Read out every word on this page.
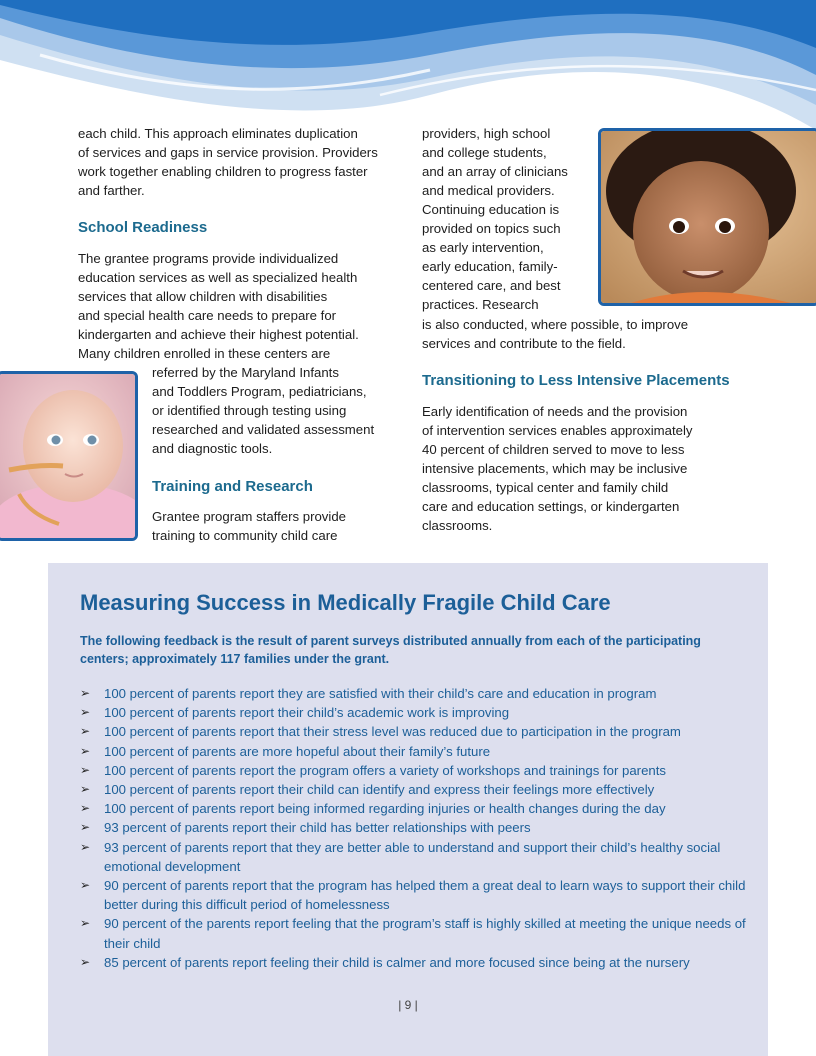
each child. This approach eliminates duplication

of services and gaps in service provision. Providers

work together enabling children to progress faster

and farther.

School Readiness

The grantee programs provide individualized

education services as well as specialized health

services that allow children with disabilities

and special health care needs to prepare for

kindergarten and achieve their highest potential.

Many children enrolled in these centers are

referred by the Maryland Infants

and Toddlers Program, pediatricians,

or identified through testing using

researched and validated assessment

and diagnostic tools.

Training and Research

Grantee program staffers provide

training to community child care

providers, high school

and college students,

and an array of clinicians

and medical providers.

Continuing education is

provided on topics such

as early intervention,

early education, family-

centered care, and best

practices. Research

is also conducted, where possible, to improve

services and contribute to the field.

Transitioning to Less Intensive Placements

Early identification of needs and the provision

of intervention services enables approximately

40 percent of children served to move to less

intensive placements, which may be inclusive

classrooms, typical center and family child

care and education settings, or kindergarten

classrooms.

Measuring Success in Medically Fragile Child Care

The following feedback is the result of parent surveys distributed annually from each of the participating centers; approximately 117 families under the grant.

➢ 100 percent of parents report they are satisfied with their child’s care and education in program
➢ 100 percent of parents report their child’s academic work is improving
➢ 100 percent of parents report that their stress level was reduced due to participation in the program
➢ 100 percent of parents are more hopeful about their family’s future
➢ 100 percent of parents report the program offers a variety of workshops and trainings for parents
➢ 100 percent of parents report their child can identify and express their feelings more effectively
➢ 100 percent of parents report being informed regarding injuries or health changes during the day
➢ 93 percent of parents report their child has better relationships with peers
➢ 93 percent of parents report that they are better able to understand and support their child’s healthy social emotional development
➢ 90 percent of parents report that the program has helped them a great deal to learn ways to support their child better during this difficult period of homelessness
➢ 90 percent of the parents report feeling that the program’s staff is highly skilled at meeting the unique needs of their child
➢ 85 percent of parents report feeling their child is calmer and more focused since being at the nursery
| 9 |
